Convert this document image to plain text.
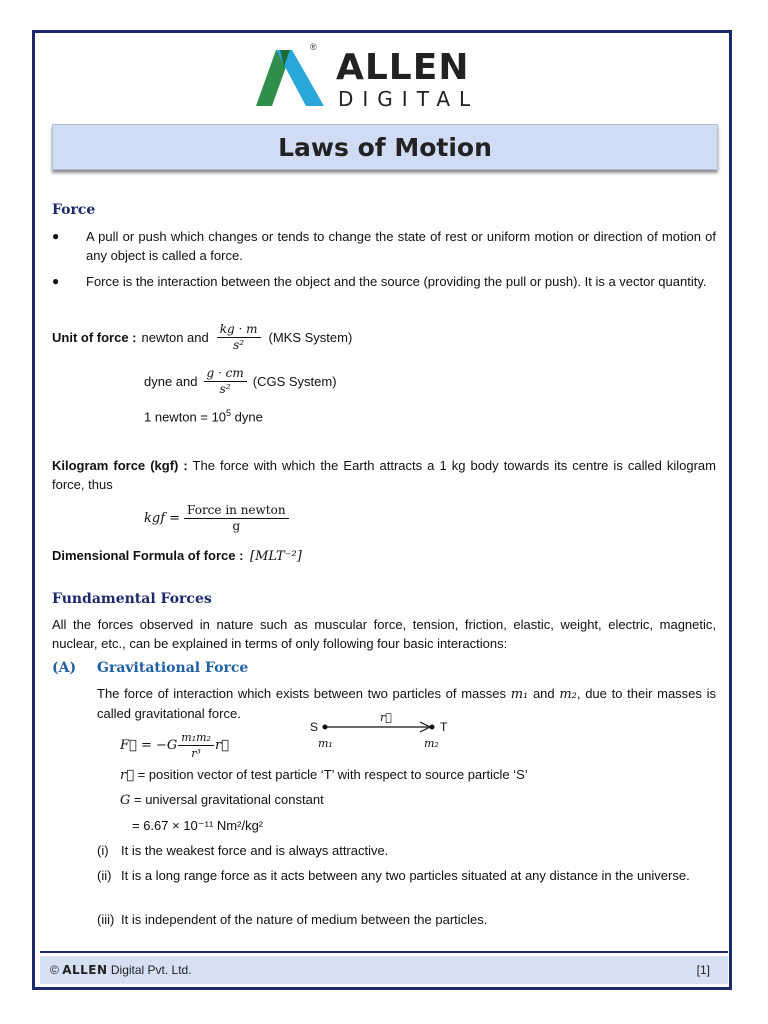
® ALLEN
DIGITAL
Laws of Motion
Force
● A pull or push which changes or tends to change the state of rest or uniform motion or direction of motion of any object is called a force.
● Force is the interaction between the object and the source (providing the pull or push). It is a vector quantity.
Unit of force : newton and $\frac{kg \cdot m}{\text{s²}} (MKS$ System)
dyne and $\frac{g \cdot cm}{\text{s²}} (CGS$ System)
1 newton = $10^5$ dyne
Kilogram force (kgf) : The force with which the Earth attracts a 1 kg body towards its centre is called kilogram force, thus
kgf = $\frac{\text{Force in newton}}{g}$
Dimensional Formula of force : [MLT⁻²]
Fundamental Forces
All the forces observed in nature such as muscular force, tension, friction, elastic, weight, electric, magnetic, nuclear, etc., can be explained in terms of only following four basic interactions:
(A) Gravitational Force
The force of interaction which exists between two particles of masses m₁ and m₂, due to their masses is called gravitational force.
F⃗ = $-G \frac{\text{m₁m₂}}{\text{r³}}$ r⃗
S
r⃗
T
m₁	m₂
r⃗ = position vector of test particle ‘T’ with respect to source particle ‘S’
G = universal gravitational constant
= 6.67 × 10⁻¹¹ Nm²/kg²
(i) It is the weakest force and is always attractive.
(ii) It is a long range force as it acts between any two particles situated at any distance in the universe.
(iii) It is independent of the nature of medium between the particles.
© ALLEN Digital Pvt. Ltd.	[1]
